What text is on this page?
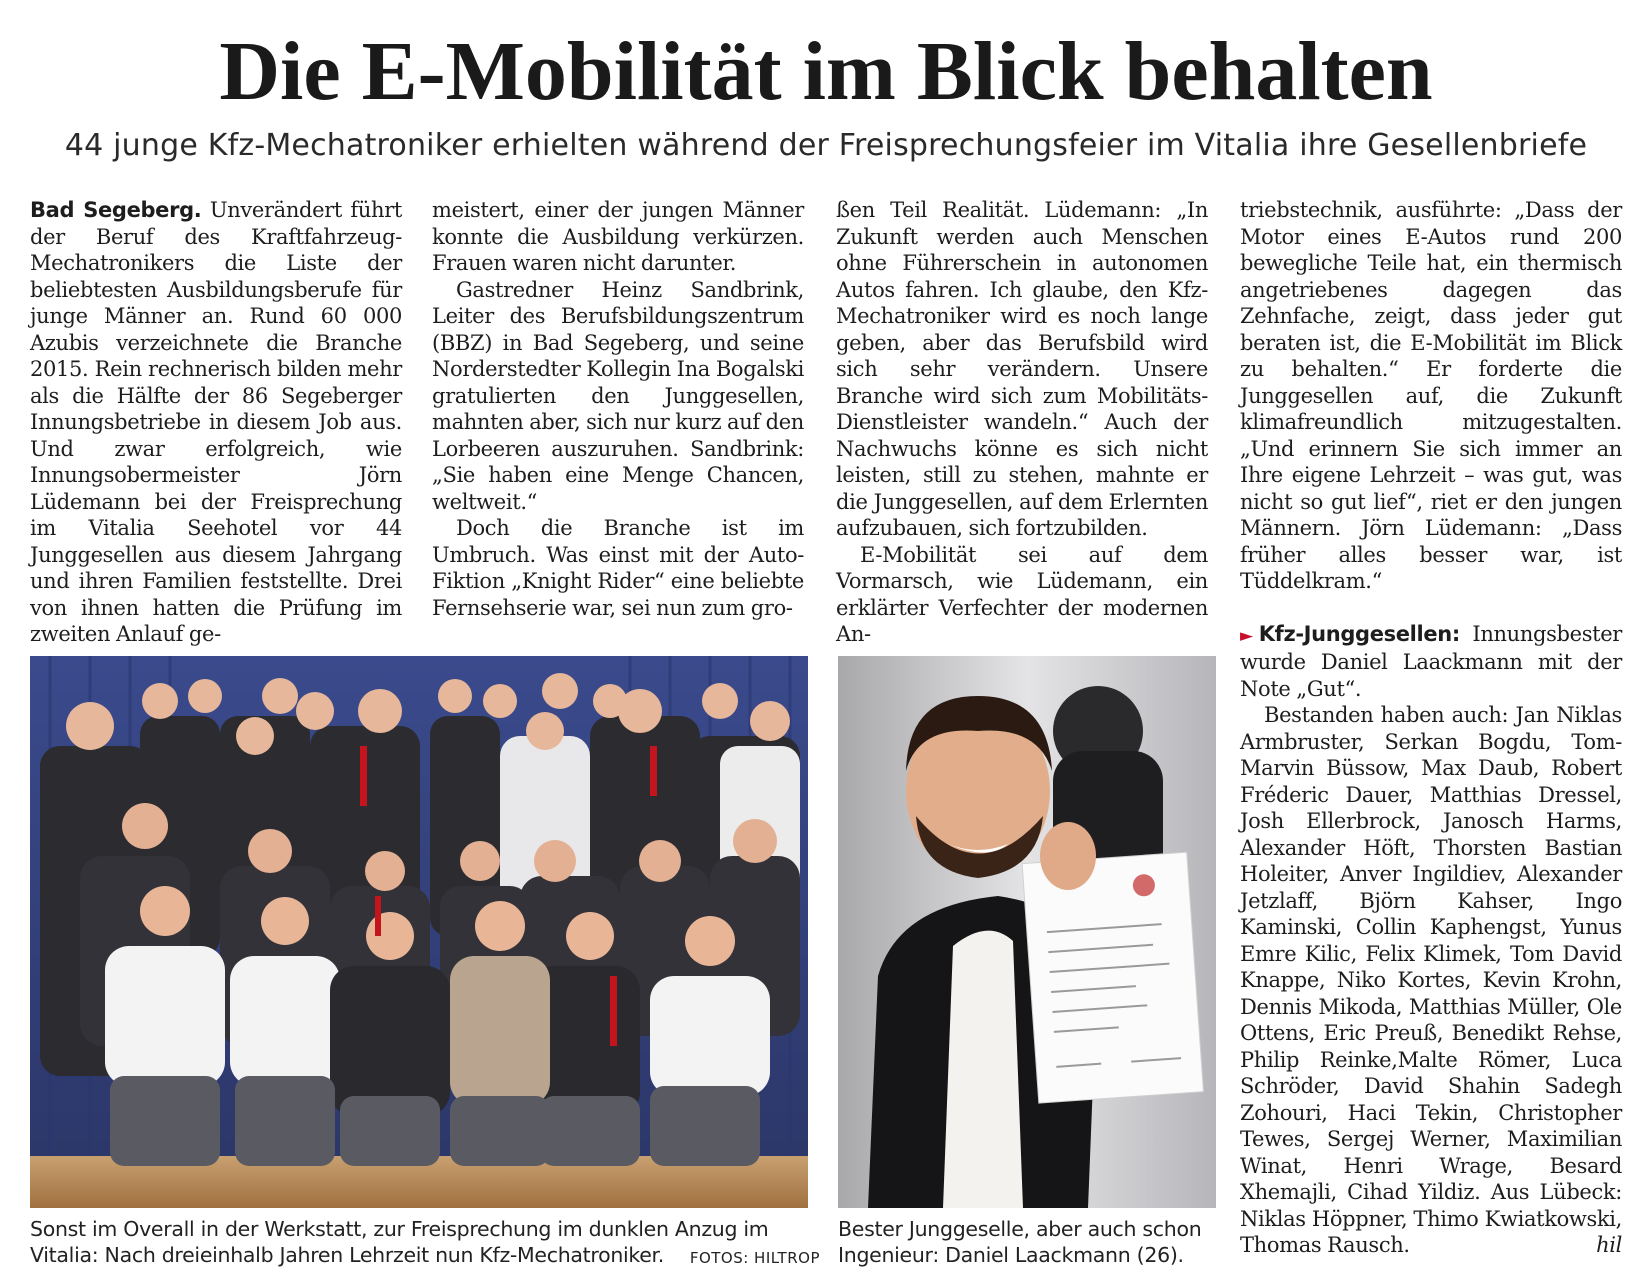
Die E-Mobilität im Blick behalten
44 junge Kfz-Mechatroniker erhielten während der Freisprechungsfeier im Vitalia ihre Gesellenbriefe

Bad Segeberg. Unverändert führt der Beruf des Kraftfahrzeug-Mechatronikers die Liste der beliebtesten Ausbildungsberufe für junge Männer an. Rund 60 000 Azubis verzeichnete die Branche 2015. Rein rechnerisch bilden mehr als die Hälfte der 86 Segeberger Innungsbetriebe in diesem Job aus. Und zwar erfolgreich, wie Innungsobermeister Jörn Lüdemann bei der Freisprechung im Vitalia Seehotel vor 44 Junggesellen aus diesem Jahrgang und ihren Familien feststellte. Drei von ihnen hatten die Prüfung im zweiten Anlauf ge-

meistert, einer der jungen Männer konnte die Ausbildung verkürzen. Frauen waren nicht darunter.

Gastredner Heinz Sandbrink, Leiter des Berufsbildungszentrum (BBZ) in Bad Segeberg, und seine Norderstedter Kollegin Ina Bogalski gratulierten den Junggesellen, mahnten aber, sich nur kurz auf den Lorbeeren auszuruhen. Sandbrink: „Sie haben eine Menge Chancen, weltweit.“

Doch die Branche ist im Umbruch. Was einst mit der Auto-Fiktion „Knight Rider“ eine beliebte Fernsehserie war, sei nun zum gro-

ßen Teil Realität. Lüdemann: „In Zukunft werden auch Menschen ohne Führerschein in autonomen Autos fahren. Ich glaube, den Kfz-Mechatroniker wird es noch lange geben, aber das Berufsbild wird sich sehr verändern. Unsere Branche wird sich zum Mobilitäts-Dienstleister wandeln.“ Auch der Nachwuchs könne es sich nicht leisten, still zu stehen, mahnte er die Junggesellen, auf dem Erlernten aufzubauen, sich fortzubilden.

E-Mobilität sei auf dem Vormarsch, wie Lüdemann, ein erklärter Verfechter der modernen An-

triebstechnik, ausführte: „Dass der Motor eines E-Autos rund 200 bewegliche Teile hat, ein thermisch angetriebenes dagegen das Zehnfache, zeigt, dass jeder gut beraten ist, die E-Mobilität im Blick zu behalten.“ Er forderte die Junggesellen auf, die Zukunft klimafreundlich mitzugestalten. „Und erinnern Sie sich immer an Ihre eigene Lehrzeit – was gut, was nicht so gut lief“, riet er den jungen Männern. Jörn Lüdemann: „Dass früher alles besser war, ist Tüddelkram.“

► Kfz-Junggesellen: Innungsbester wurde Daniel Laackmann mit der Note „Gut“.

Bestanden haben auch: Jan Niklas Armbruster, Serkan Bogdu, Tom-Marvin Büssow, Max Daub, Robert Fréderic Dauer, Matthias Dressel, Josh Ellerbrock, Janosch Harms, Alexander Höft, Thorsten Bastian Holeiter, Anver Ingildiev, Alexander Jetzlaff, Björn Kahser, Ingo Kaminski, Collin Kaphengst, Yunus Emre Kilic, Felix Klimek, Tom David Knappe, Niko Kortes, Kevin Krohn, Dennis Mikoda, Matthias Müller, Ole Ottens, Eric Preuß, Benedikt Rehse, Philip Reinke,Malte Römer, Luca Schröder, David Shahin Sadegh Zohouri, Haci Tekin, Christopher Tewes, Sergej Werner, Maximilian Winat, Henri Wrage, Besard Xhemajli, Cihad Yildiz. Aus Lübeck: Niklas Höppner, Thimo Kwiatkowski, Thomas Rausch.	hil

Sonst im Overall in der Werkstatt, zur Freisprechung im dunklen Anzug im Vitalia: Nach dreieinhalb Jahren Lehrzeit nun Kfz-Mechatroniker. FOTOS: HILTROP
Bester Junggeselle, aber auch schon Ingenieur: Daniel Laackmann (26).
